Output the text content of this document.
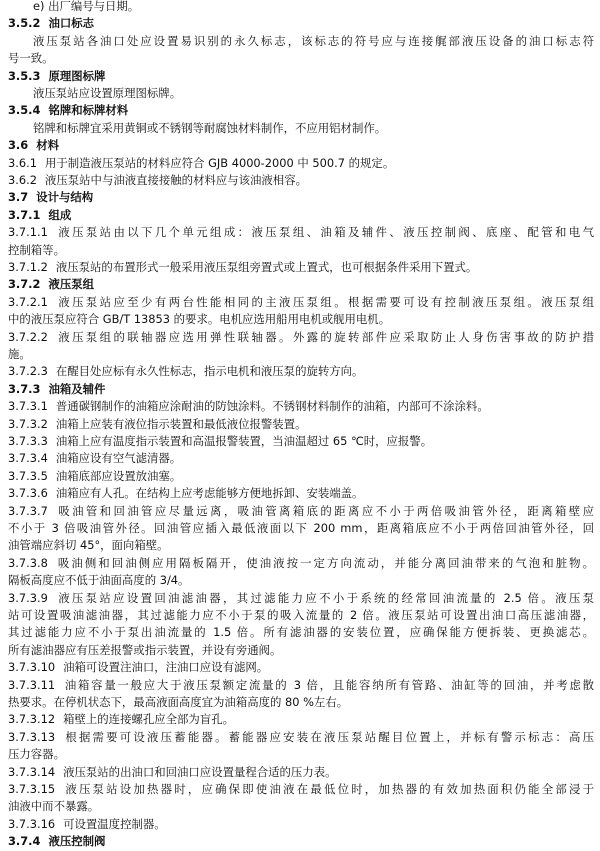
e) 出厂编号与日期。
3.5.2 油口标志
液压泵站各油口处应设置易识别的永久标志，该标志的符号应与连接艉部液压设备的油口标志符
号一致。
3.5.3 原理图标牌
液压泵站应设置原理图标牌。
3.5.4 铭牌和标牌材料
铭牌和标牌宜采用黄铜或不锈钢等耐腐蚀材料制作，不应用铝材制作。
3.6 材料
3.6.1 用于制造液压泵站的材料应符合 GJB 4000-2000 中 500.7 的规定。
3.6.2 液压泵站中与油液直接接触的材料应与该油液相容。
3.7 设计与结构
3.7.1 组成
3.7.1.1 液压泵站由以下几个单元组成：液压泵组、油箱及辅件、液压控制阀、底座、配管和电气
控制箱等。
3.7.1.2 液压泵站的布置形式一般采用液压泵组旁置式或上置式，也可根据条件采用下置式。
3.7.2 液压泵组
3.7.2.1 液压泵站应至少有两台性能相同的主液压泵组。根据需要可设有控制液压泵组。液压泵组
中的液压泵应符合 GB/T 13853 的要求。电机应选用船用电机或舰用电机。
3.7.2.2 液压泵组的联轴器应选用弹性联轴器。外露的旋转部件应采取防止人身伤害事故的防护措
施。
3.7.2.3 在醒目处应标有永久性标志，指示电机和液压泵的旋转方向。
3.7.3 油箱及辅件
3.7.3.1 普通碳钢制作的油箱应涂耐油的防蚀涂料。不锈钢材料制作的油箱，内部可不涂涂料。
3.7.3.2 油箱上应装有液位指示装置和最低液位报警装置。
3.7.3.3 油箱上应有温度指示装置和高温报警装置，当油温超过 65 ℃时，应报警。
3.7.3.4 油箱应设有空气滤清器。
3.7.3.5 油箱底部应设置放油塞。
3.7.3.6 油箱应有人孔。在结构上应考虑能够方便地拆卸、安装端盖。
3.7.3.7 吸油管和回油管应尽量远离，吸油管离箱底的距离应不小于两倍吸油管外径，距离箱壁应
不小于 3 倍吸油管外径。回油管应插入最低液面以下 200 mm，距离箱底应不小于两倍回油管外径，回
油管端应斜切 45°，面向箱壁。
3.7.3.8 吸油侧和回油侧应用隔板隔开，使油液按一定方向流动，并能分离回油带来的气泡和脏物。
隔板高度应不低于油面高度的 3/4。
3.7.3.9 液压泵站应设置回油滤油器，其过滤能力应不小于系统的经常回油流量的 2.5 倍。液压泵
站可设置吸油滤油器，其过滤能力应不小于泵的吸入流量的 2 倍。液压泵站可设置出油口高压滤油器，
其过滤能力应不小于泵出油流量的 1.5 倍。所有滤油器的安装位置，应确保能方便拆装、更换滤芯。
所有滤油器应有压差报警或指示装置，并设有旁通阀。
3.7.3.10 油箱可设置注油口，注油口应设有滤网。
3.7.3.11 油箱容量一般应大于液压泵额定流量的 3 倍，且能容纳所有管路、油缸等的回油，并考虑散
热要求。在停机状态下，最高液面高度宜为油箱高度的 80 %左右。
3.7.3.12 箱壁上的连接螺孔应全部为盲孔。
3.7.3.13 根据需要可设液压蓄能器。蓄能器应安装在液压泵站醒目位置上，并标有警示标志：高压
压力容器。
3.7.3.14 液压泵站的出油口和回油口应设置量程合适的压力表。
3.7.3.15 液压泵站设加热器时，应确保即使油液在最低位时，加热器的有效加热面积仍能全部浸于
油液中而不暴露。
3.7.3.16 可设置温度控制器。
3.7.4 液压控制阀
